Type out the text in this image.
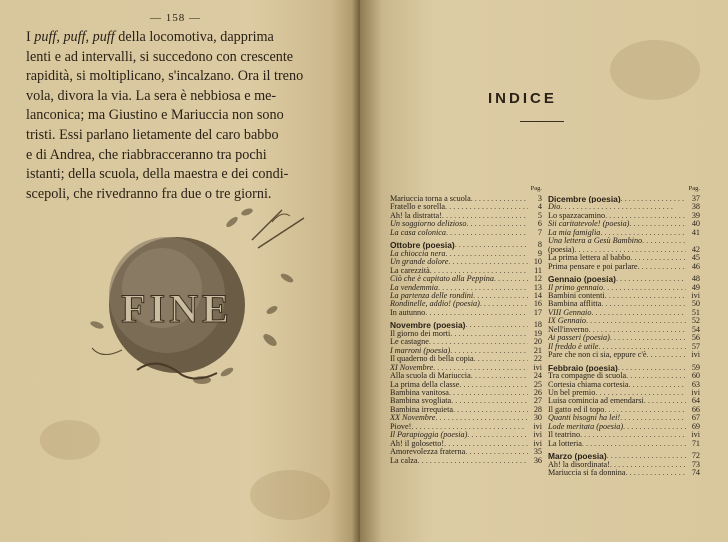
— 158 —
I puff, puff, puff della locomotiva, dapprima
lenti e ad intervalli, si succedono con crescente
rapidità, si moltiplicano, s'incalzano. Ora il treno
vola, divora la via. La sera è nebbiosa e me-
lanconica; ma Giustino e Mariuccia non sono
tristi. Essi parlano lietamente del caro babbo
e di Andrea, che riabbracceranno tra pochi
istanti; della scuola, della maestra e dei condi-
scepoli, che rivedranno fra due o tre giorni.
FINE
INDICE
Pag.
Mariuccia torna a scuola . . .	3
Fratello e sorella . . .	4
Ah! la distratta! . . .	5
Un soggiorno delizioso . . .	6
La casa colonica . . .	7
Ottobre (poesia) . . .	8
La chioccia nera . . .	9
Un grande dolore . . .	10
La carezzità . . .	11
Ciò che è capitato alla Peppina . . .	12
La vendemmia . . .	13
La partenza delle rondini . . .	14
Rondinelle, addio! (poesia) . . .	16
In autunno . . .	17
Novembre (poesia) . . .	18
Il giorno dei morti . . .	19
Le castagne . . .	20
I marroni (poesia) . . .	21
Il quaderno di bella copia . . .	22
XI Novembre . . .	ivi
Alla scuola di Mariuccia . . .	24
La prima della classe . . .	25
Bambina vanitosa . . .	26
Bambina svogliata . . .	27
Bambina irrequieta . . .	28
XX Novembre . . .	30
Piove! . . .	ivi
Il Parapioggia (poesia) . . .	ivi
Ah! il golosetto! . . .	ivi
Amorevolezza fraterna . . .	35
La calza . . .	36
Pag.
Dicembre (poesia) . . .	37
Dio . . .	38
Lo spazzacamino . . .	39
Sii caritatevole! (poesia) . . .	40
La mia famiglia . . .	41
Una lettera a Gesù Bambino
. . .
(poesia) . . .	42
La prima lettera al babbo . . .	45
Prima pensare e poi parlare . . .	46
Gennaio (poesia) . . .	48
Il primo gennaio . . .	49
Bambini contenti . . .	ivi
Bambina afflitta . . .	50
VIII Gennaio . . .	51
IX Gennaio . . .	52
Nell'inverno . . .	54
Ai passeri (poesia) . . .	56
Il freddo è utile . . .	57
Pare che non ci sia, eppure c'è . . .	ivi
Febbraio (poesia) . . .	59
Tra compagne di scuola . . .	60
Cortesia chiama cortesia . . .	63
Un bel premio . . .	ivi
Luisa comincia ad emendarsi . . .	64
Il gatto ed il topo . . .	66
Quanti bisogni ha lei! . . .	67
Lode meritata (poesia) . . .	69
Il teatrino . . .	ivi
La lotteria . . .	71
Marzo (poesia) . . .	72
Ah! la disordinata! . . .	73
Mariuccia si fa donnina . . .	74
